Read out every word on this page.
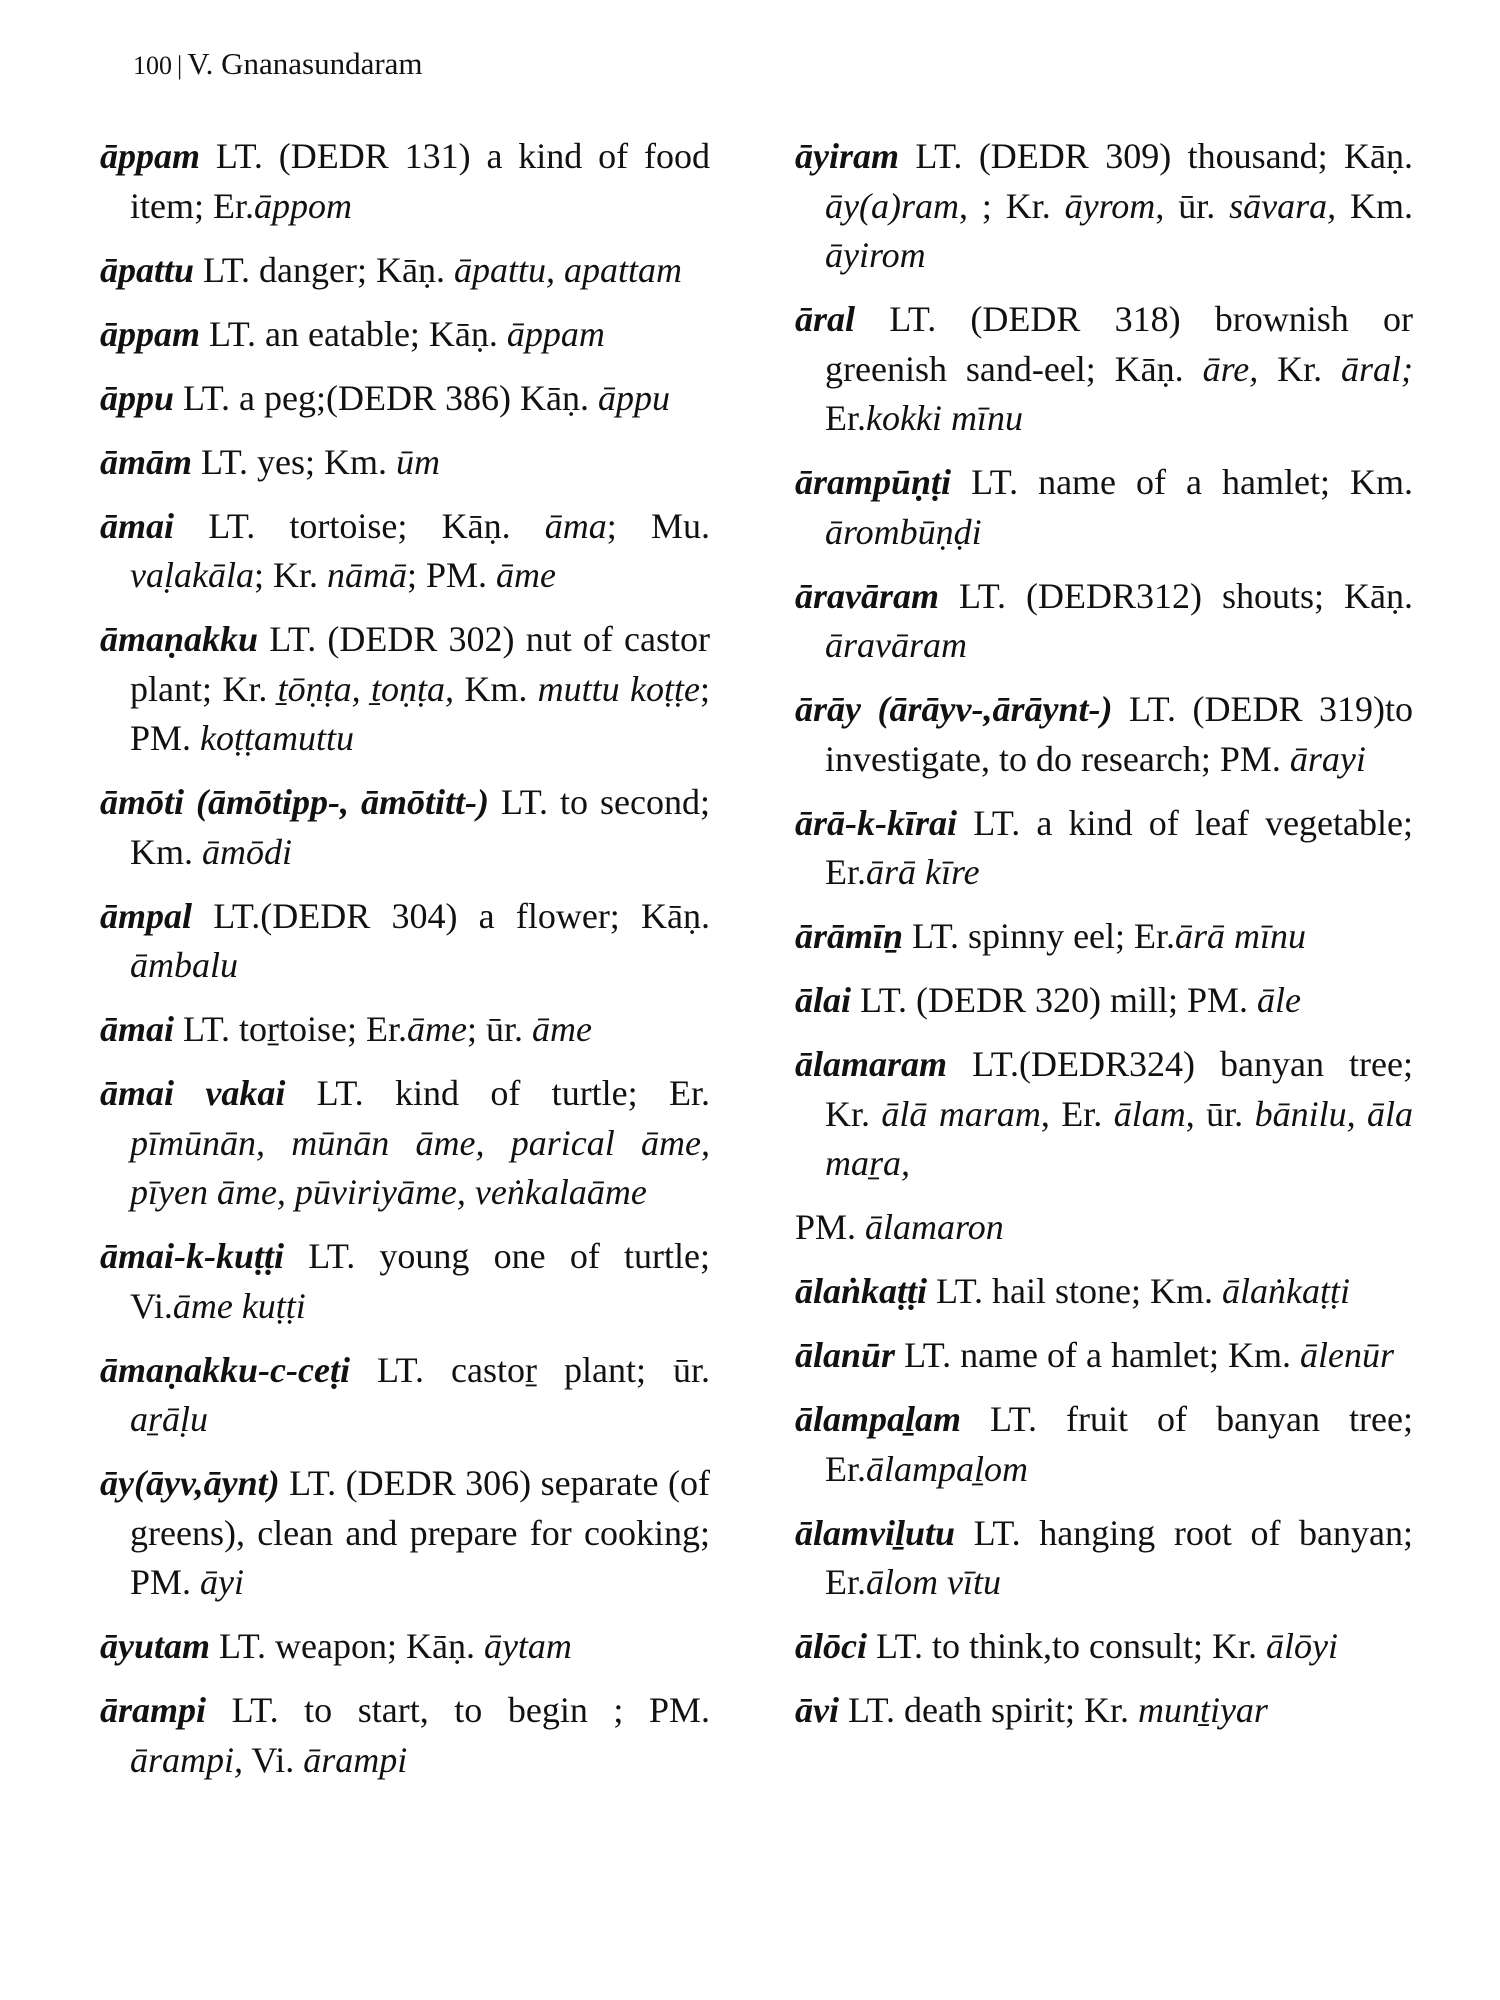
100 | V. Gnanasundaram

āppam LT. (DEDR 131) a kind of food item; Er.āppom

āpattu LT. danger; Kāṇ. āpattu, apattam

āppam LT. an eatable; Kāṇ. āppam

āppu LT. a peg;(DEDR 386) Kāṇ. āppu

āmām LT. yes; Km. ūm

āmai LT. tortoise; Kāṇ. āma; Mu. vaḷakāla; Kr. nāmā; PM. āme

āmaṇakku LT. (DEDR 302) nut of castor plant; Kr. ṯōṇṭa, ṯoṇṭa, Km. muttu koṭṭe; PM. koṭṭamuttu

āmōti (āmōtipp-, āmōtitt-) LT. to second; Km. āmōdi

āmpal LT.(DEDR 304) a flower; Kāṇ. āmbalu

āmai LT. toṟtoise; Er.āme; ūr. āme

āmai vakai LT. kind of turtle; Er. pīmūnān, mūnān āme, parical āme, pīyen āme, pūviriyāme, veṅkalaāme

āmai-k-kuṭṭi LT. young one of turtle; Vi.āme kuṭṭi

āmaṇakku-c-ceṭi LT. castoṟ plant; ūr. aṟāḷu

āy(āyv,āynt) LT. (DEDR 306) separate (of greens), clean and prepare for cooking; PM. āyi

āyutam LT. weapon; Kāṇ. āytam

ārampi LT. to start, to begin ; PM. ārampi, Vi. ārampi

āyiram LT. (DEDR 309) thousand; Kāṇ. āy(a)ram, ; Kr. āyrom, ūr. sāvara, Km. āyirom

āral LT. (DEDR 318) brownish or greenish sand-eel; Kāṇ. āre, Kr. āral; Er.kokki mīnu

ārampūṇṭi LT. name of a hamlet; Km. ārombūṇḍi

āravāram LT. (DEDR312) shouts; Kāṇ. āravāram

ārāy (ārāyv-,ārāynt-) LT. (DEDR 319)to investigate, to do research; PM. ārayi

ārā-k-kīrai LT. a kind of leaf vegetable; Er.ārā kīre

ārāmīṉ LT. spinny eel; Er.ārā mīnu

ālai LT. (DEDR 320) mill; PM. āle

ālamaram LT.(DEDR324) banyan tree; Kr. ālā maram, Er. ālam, ūr. bānilu, āla maṟa,

PM. ālamaron

ālaṅkaṭṭi LT. hail stone; Km. ālaṅkaṭṭi

ālanūr LT. name of a hamlet; Km. ālenūr

ālampaḻam LT. fruit of banyan tree; Er.ālampaḻom

ālamviḻutu LT. hanging root of banyan; Er.ālom vītu

ālōci LT. to think,to consult; Kr. ālōyi

āvi LT. death spirit; Kr. munṯiyar
